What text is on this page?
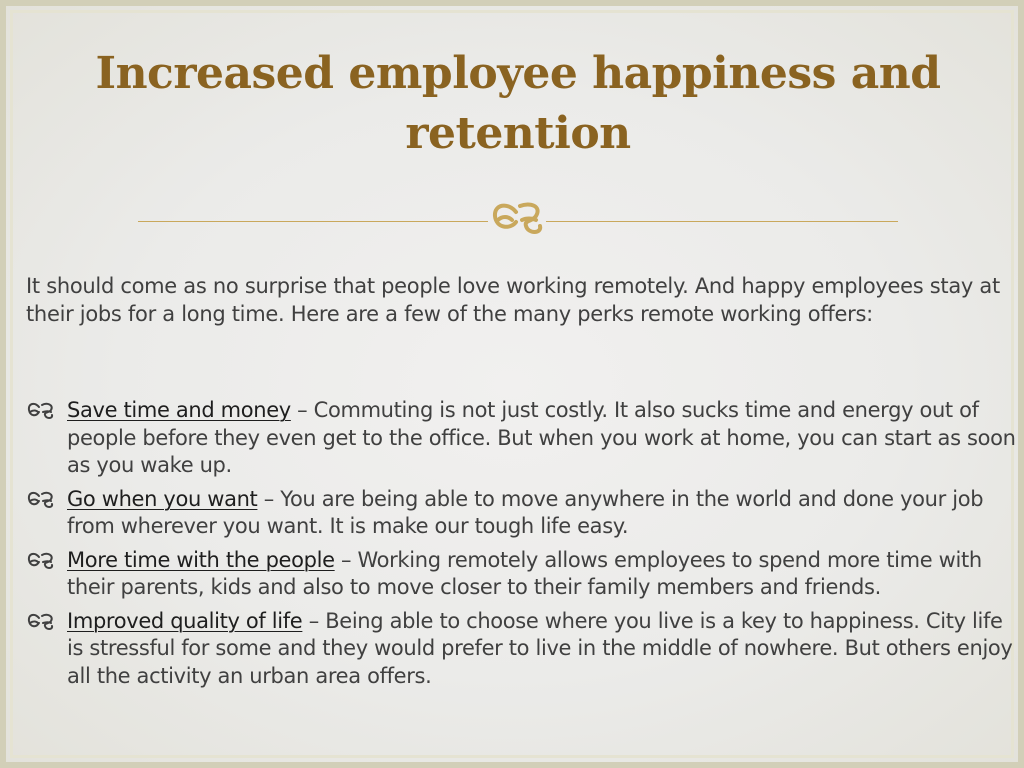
Increased employee happiness and retention

It should come as no surprise that people love working remotely. And happy employees stay at their jobs for a long time. Here are a few of the many perks remote working offers:

Save time and money – Commuting is not just costly. It also sucks time and energy out of people before they even get to the office. But when you work at home, you can start as soon as you wake up.
Go when you want – You are being able to move anywhere in the world and done your job from wherever you want. It is make our tough life easy.
More time with the people – Working remotely allows employees to spend more time with their parents, kids and also to move closer to their family members and friends.
Improved quality of life – Being able to choose where you live is a key to happiness. City life is stressful for some and they would prefer to live in the middle of nowhere. But others enjoy all the activity an urban area offers.
